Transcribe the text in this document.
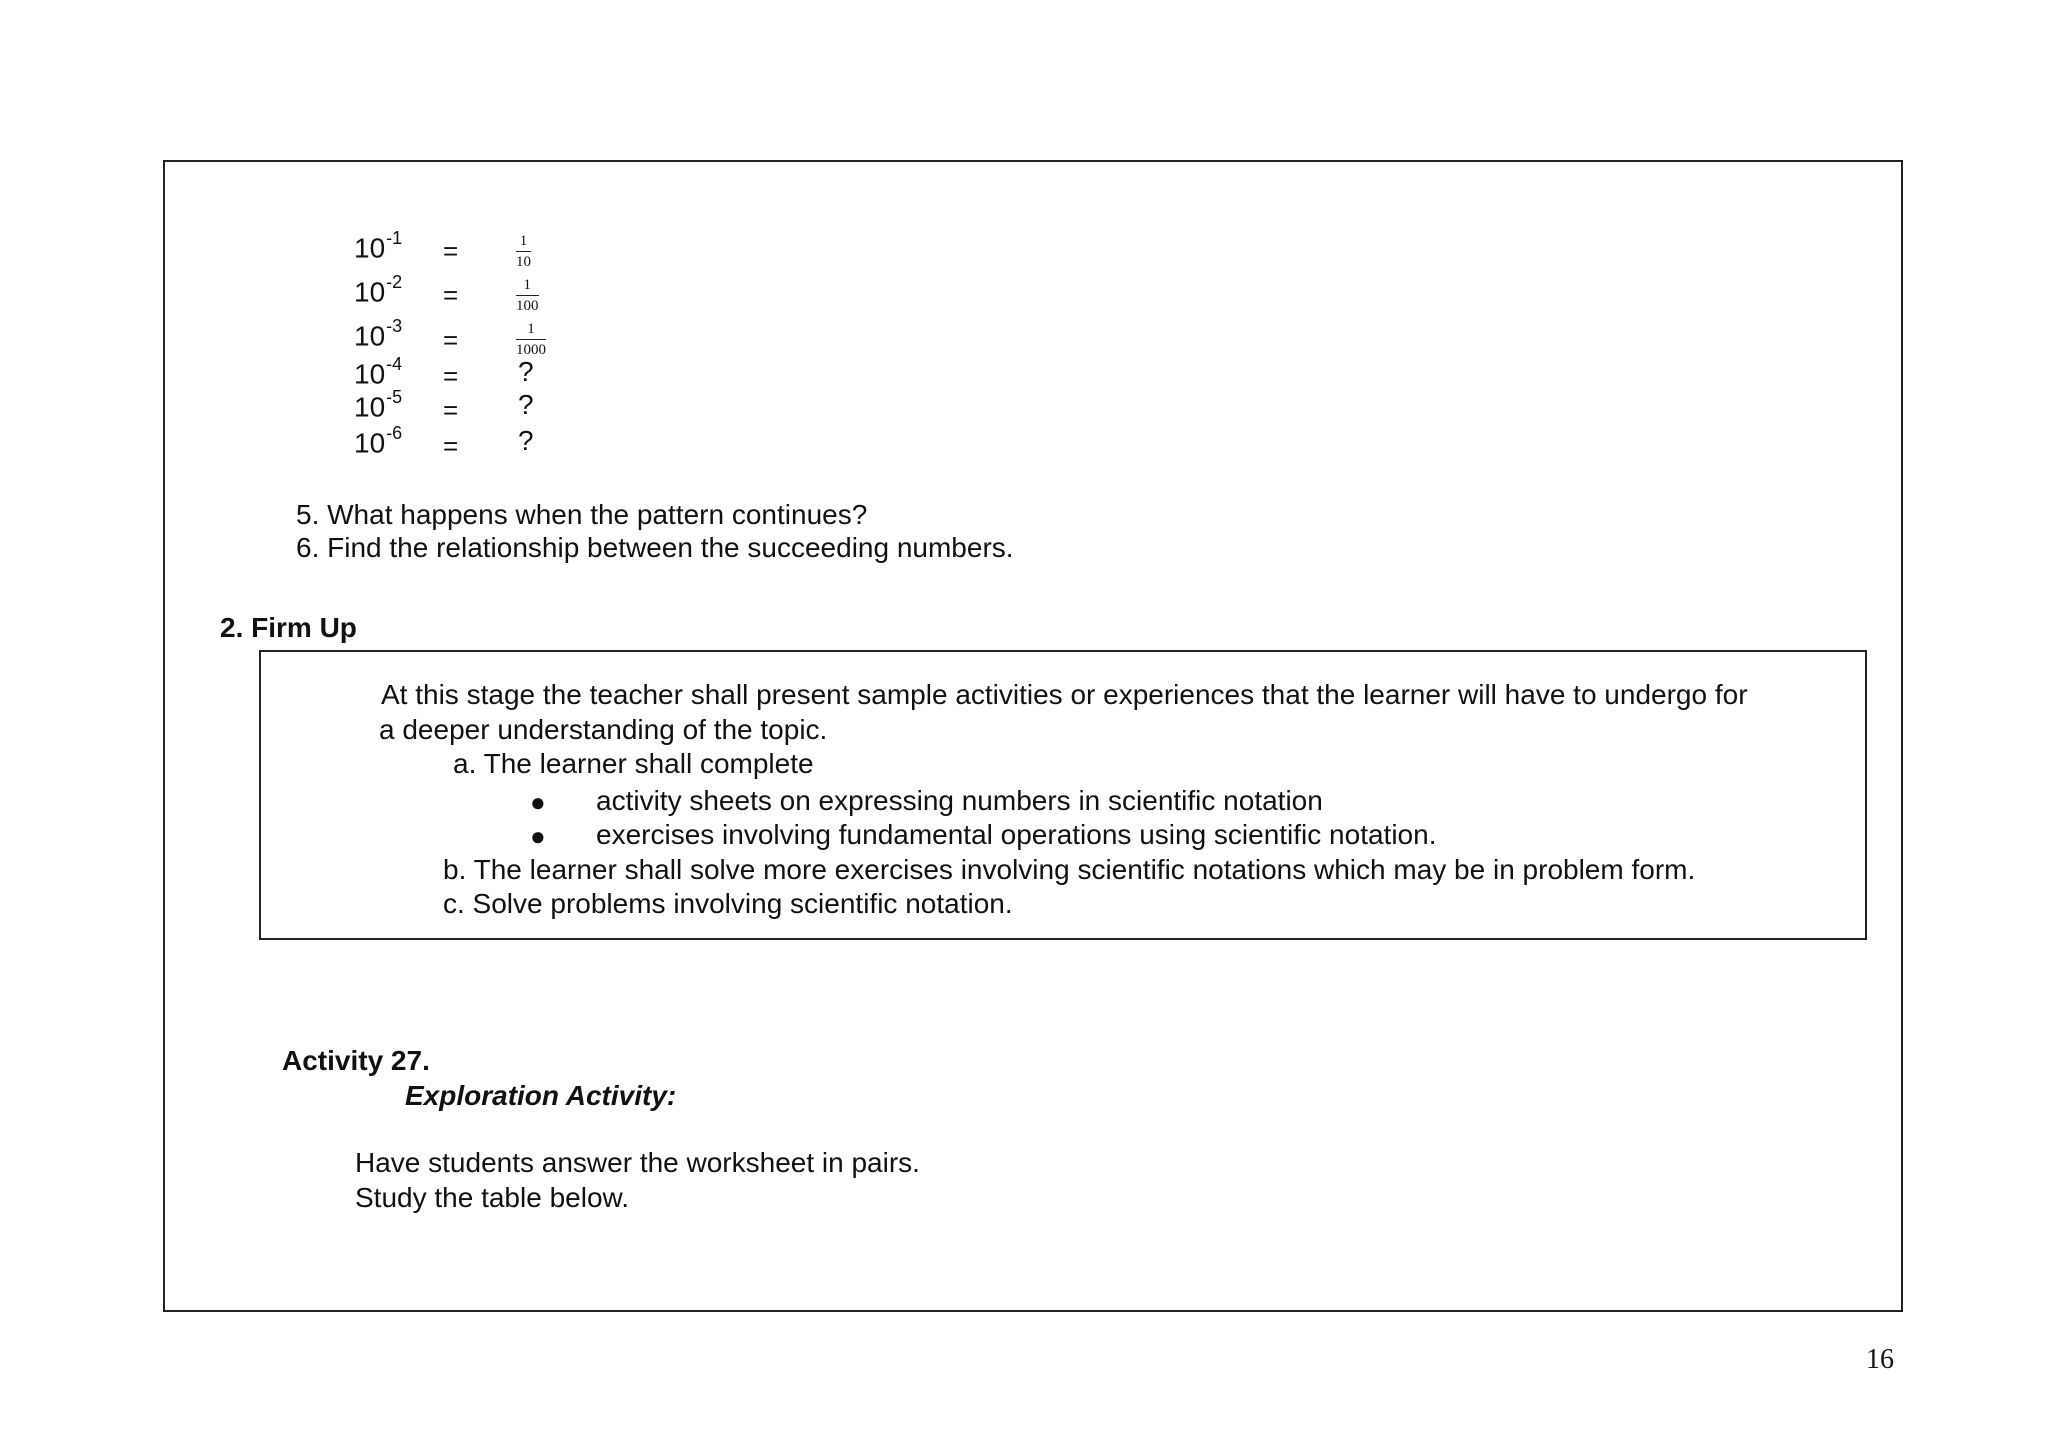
$10^{-1}$ =	1
10
$10^{-2}$ =	1
100
$10^{-3}$ =	1
1000
$10^{-4}$ = ?
$10^{-5}$ = ?
$10^{-6}$ = ?
5. What happens when the pattern continues?
6. Find the relationship between the succeeding numbers.
2. Firm Up
At this stage the teacher shall present sample activities or experiences that the learner will have to undergo for
a deeper understanding of the topic.
a. The learner shall complete
● activity sheets on expressing numbers in scientific notation
● exercises involving fundamental operations using scientific notation.
b. The learner shall solve more exercises involving scientific notations which may be in problem form.
c. Solve problems involving scientific notation.
Activity 27.
Exploration Activity:
Have students answer the worksheet in pairs.
Study the table below.
16
